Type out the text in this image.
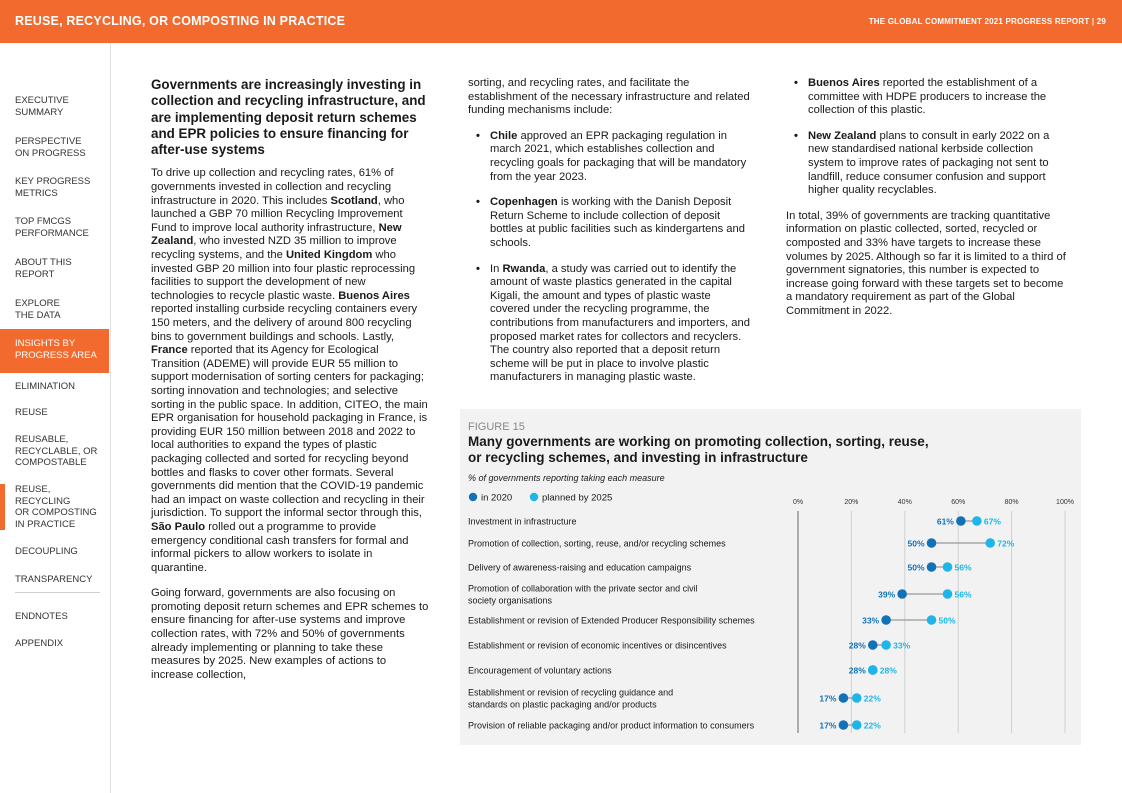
REUSE, RECYCLING, OR COMPOSTING IN PRACTICE	THE GLOBAL COMMITMENT 2021 PROGRESS REPORT | 29
EXECUTIVE
SUMMARY
PERSPECTIVE
ON PROGRESS
KEY PROGRESS
METRICS
TOP FMCGS
PERFORMANCE
ABOUT THIS
REPORT
EXPLORE
THE DATA
INSIGHTS BY
PROGRESS AREA
ELIMINATION
REUSE
REUSABLE,
RECYCLABLE, OR
COMPOSTABLE
REUSE,
RECYCLING
OR COMPOSTING
IN PRACTICE
DECOUPLING
TRANSPARENCY
ENDNOTES
APPENDIX
Governments are increasingly investing in collection and recycling infrastructure, and are implementing deposit return schemes and EPR policies to ensure financing for after-use systems

To drive up collection and recycling rates, 61% of governments invested in collection and recycling infrastructure in 2020. This includes Scotland, who launched a GBP 70 million Recycling Improvement Fund to improve local authority infrastructure, New Zealand, who invested NZD 35 million to improve recycling systems, and the United Kingdom who invested GBP 20 million into four plastic reprocessing facilities to support the development of new technologies to recycle plastic waste. Buenos Aires reported installing curbside recycling containers every 150 meters, and the delivery of around 800 recycling bins to government buildings and schools. Lastly, France reported that its Agency for Ecological Transition (ADEME) will provide EUR 55 million to support modernisation of sorting centers for packaging; sorting innovation and technologies; and selective sorting in the public space. In addition, CITEO, the main EPR organisation for household packaging in France, is providing EUR 150 million between 2018 and 2022 to local authorities to expand the types of plastic packaging collected and sorted for recycling beyond bottles and flasks to cover other formats. Several governments did mention that the COVID-19 pandemic had an impact on waste collection and recycling in their jurisdiction. To support the informal sector through this, São Paulo rolled out a programme to provide emergency conditional cash transfers for formal and informal pickers to allow workers to isolate in quarantine.

Going forward, governments are also focusing on promoting deposit return schemes and EPR schemes to ensure financing for after-use systems and improve collection rates, with 72% and 50% of governments already implementing or planning to take these measures by 2025. New examples of actions to increase collection,

sorting, and recycling rates, and facilitate the establishment of the necessary infrastructure and related funding mechanisms include:

• Chile approved an EPR packaging regulation in march 2021, which establishes collection and recycling goals for packaging that will be mandatory from the year 2023.
• Copenhagen is working with the Danish Deposit Return Scheme to include collection of deposit bottles at public facilities such as kindergartens and schools.
• In Rwanda, a study was carried out to identify the amount of waste plastics generated in the capital Kigali, the amount and types of plastic waste covered under the recycling programme, the contributions from manufacturers and importers, and proposed market rates for collectors and recyclers. The country also reported that a deposit return scheme will be put in place to involve plastic manufacturers in managing plastic waste.
• Buenos Aires reported the establishment of a committee with HDPE producers to increase the collection of this plastic.
• New Zealand plans to consult in early 2022 on a new standardised national kerbside collection system to improve rates of packaging not sent to landfill, reduce consumer confusion and support higher quality recyclables.

In total, 39% of governments are tracking quantitative information on plastic collected, sorted, recycled or composted and 33% have targets to increase these volumes by 2025. Although so far it is limited to a third of government signatories, this number is expected to increase going forward with these targets set to become a mandatory requirement as part of the Global Commitment in 2022.

FIGURE 15
Many governments are working on promoting collection, sorting, reuse,
or recycling schemes, and investing in infrastructure
% of governments reporting taking each measure
in 2020	planned by 2025	0%	20%	40%	60%	80%	100%
Investment in infrastructure	61%	67%
Promotion of collection, sorting, reuse, and/or recycling schemes	50%	72%
Delivery of awareness-raising and education campaigns	50%	56%
Promotion of collaboration with the private sector and civil
society organisations
39%	56%
Establishment or revision of Extended Producer Responsibility schemes	33%	50%
Establishment or revision of economic incentives or disincentives	28%	33%
Encouragement of voluntary actions	28% 28%
Establishment or revision of recycling guidance and
standards on plastic packaging and/or products
17%	22%
Provision of reliable packaging and/or product information to consumers	17%	22%
